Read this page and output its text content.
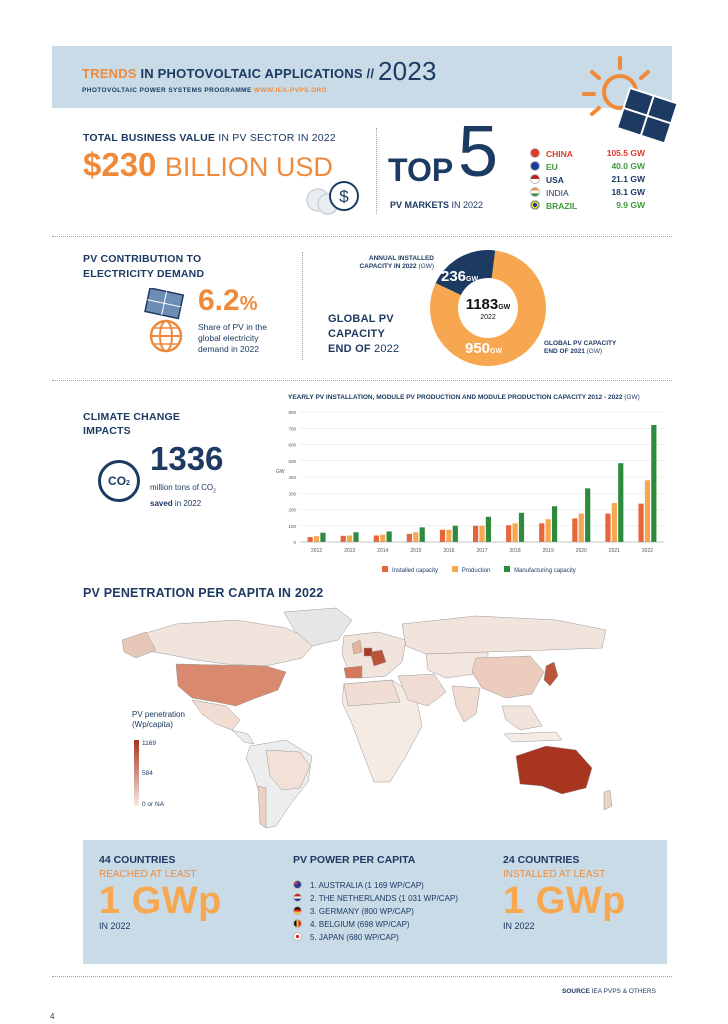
TRENDS IN PHOTOVOLTAIC APPLICATIONS // 2023
PHOTOVOLTAIC POWER SYSTEMS PROGRAMME WWW.IEA-PVPS.ORG
TOTAL BUSINESS VALUE IN PV SECTOR IN 2022
$230 BILLION USD
$
TOP 5
PV MARKETS IN 2022
CHINA	105.5 GW
EU	40.0 GW
USA	21.1 GW
INDIA	18.1 GW
BRAZIL	9.9 GW
PV CONTRIBUTION TO
ELECTRICITY DEMAND
6.2%
Share of PV in the
global electricity
demand in 2022
GLOBAL PV
CAPACITY
END OF 2022
ANNUAL INSTALLED
CAPACITY IN 2022 (GW)
236GW
1183GW
2022
950GW
GLOBAL PV CAPACITY
END OF 2021 (GW)
CLIMATE CHANGE
IMPACTS
CO2
1336
million tons of $CO_2$
saved in 2022
YEARLY PV INSTALLATION, MODULE PV PRODUCTION AND MODULE PRODUCTION CAPACITY 2012 - 2022 (GW)
0
100
200
300
400
500
600
700
800
GW
2012	2013	2014	2015	2016	2017	2018	2019	2020	2021	2022
Installed capacity	Production	Manufacturing capacity
PV PENETRATION PER CAPITA IN 2022
PV penetration
(Wp/capita)
1169
584
0 or NA
44 COUNTRIES
REACHED AT LEAST
1 GWp
IN 2022
PV POWER PER CAPITA
1. AUSTRALIA (1 169 WP/CAP)
2. THE NETHERLANDS (1 031 WP/CAP)
3. GERMANY (800 WP/CAP)
4. BELGIUM (698 WP/CAP)
5. JAPAN (680 WP/CAP)
24 COUNTRIES
INSTALLED AT LEAST
1 GWp
IN 2022
SOURCE IEA PVPS & OTHERS
4
